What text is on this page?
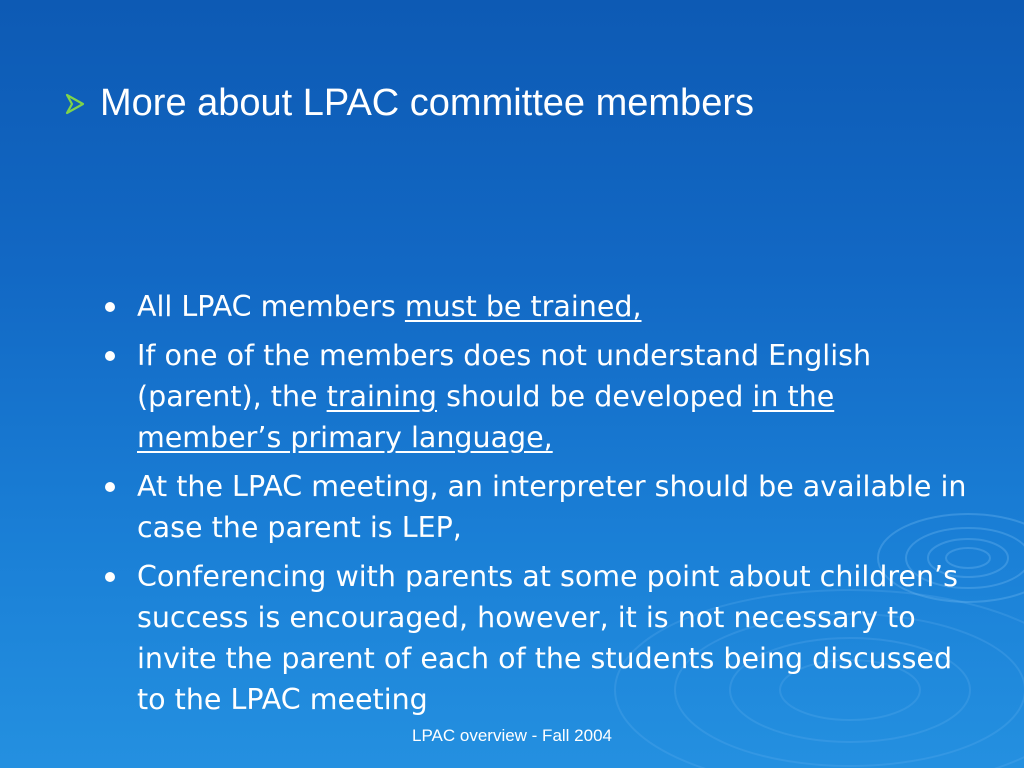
More about LPAC committee members
All LPAC members must be trained,
If one of the members does not understand English (parent), the training should be developed in the member’s primary language,
At the LPAC meeting, an interpreter should be available in case the parent is LEP,
Conferencing with parents at some point about children’s success is encouraged, however, it is not necessary to invite the parent of each of the students being discussed to the LPAC meeting
LPAC overview - Fall 2004
